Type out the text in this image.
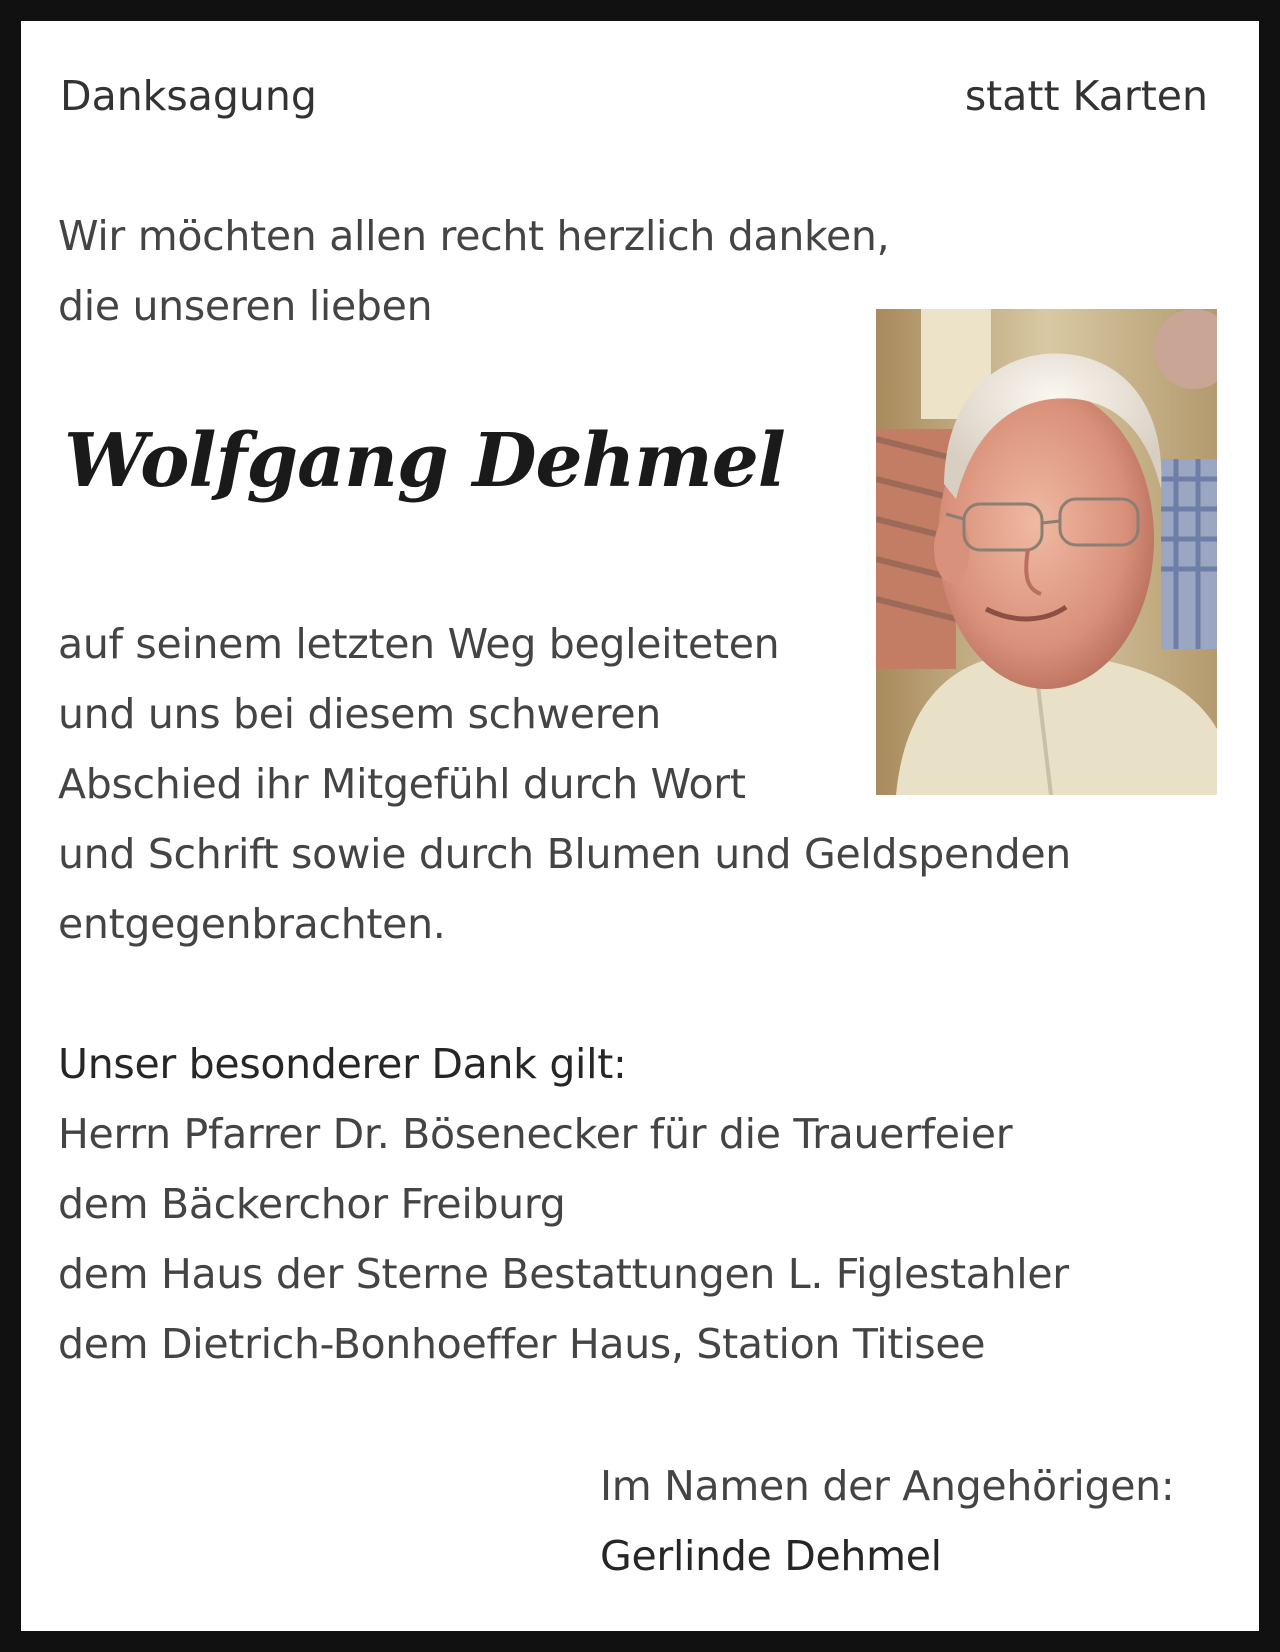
Danksagung	statt Karten
Wir möchten allen recht herzlich danken,
die unseren lieben
Wolfgang Dehmel
auf seinem letzten Weg begleiteten
und uns bei diesem schweren
Abschied ihr Mitgefühl durch Wort
und Schrift sowie durch Blumen und Geldspenden
entgegenbrachten.
Unser besonderer Dank gilt:
Herrn Pfarrer Dr. Bösenecker für die Trauerfeier
dem Bäckerchor Freiburg
dem Haus der Sterne Bestattungen L. Figlestahler
dem Dietrich-Bonhoeffer Haus, Station Titisee
Im Namen der Angehörigen:
Gerlinde Dehmel
